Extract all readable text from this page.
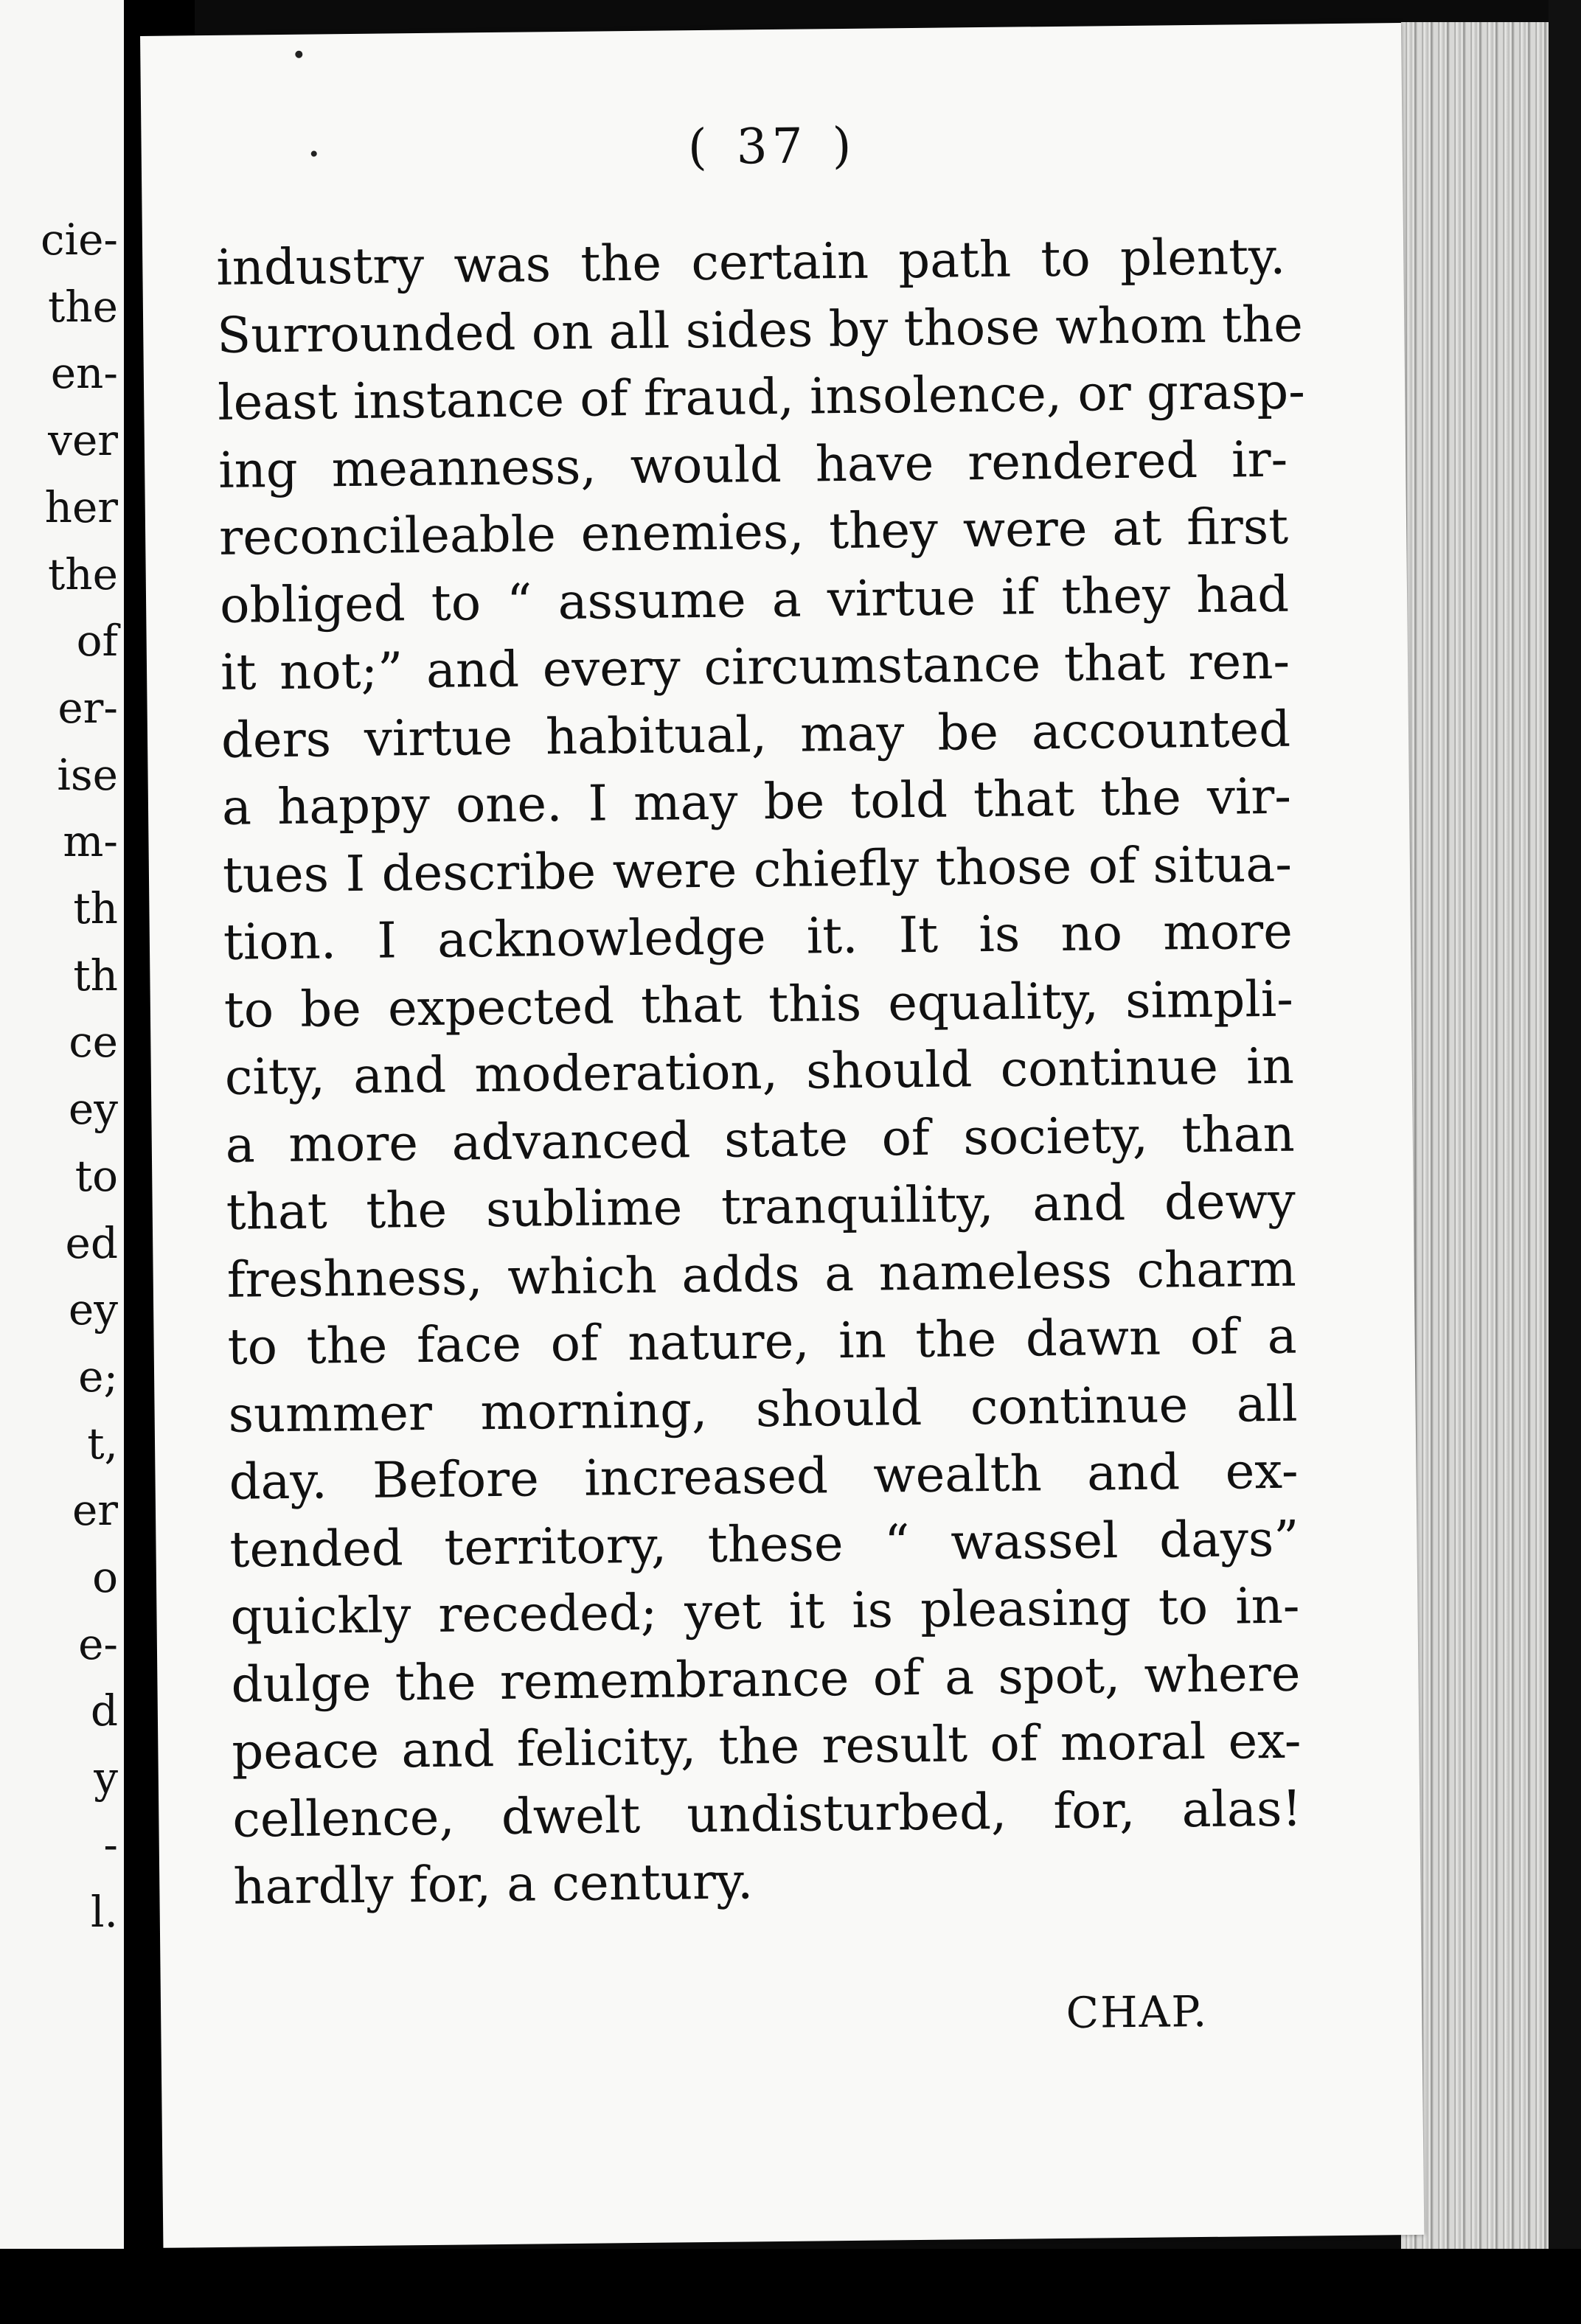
cie-
the
en-
ver
her
the
of
er-
ise
m-
th
th
ce
ey
to
ed
ey
e;
t,
er
o
e-
d
y
-
l.
( 37 )
industry was the certain path to plenty.
Surrounded on all sides by those whom the
least instance of fraud, insolence, or grasp-
ing meanness, would have rendered ir-
reconcileable enemies, they were at first
obliged to “ assume a virtue if they had
it not;” and every circumstance that ren-
ders virtue habitual, may be accounted
a happy one. I may be told that the vir-
tues I describe were chiefly those of situa-
tion. I acknowledge it. It is no more
to be expected that this equality, simpli-
city, and moderation, should continue in
a more advanced state of society, than
that the sublime tranquility, and dewy
freshness, which adds a nameless charm
to the face of nature, in the dawn of a
summer morning, should continue all
day. Before increased wealth and ex-
tended territory, these “ wassel days”
quickly receded; yet it is pleasing to in-
dulge the remembrance of a spot, where
peace and felicity, the result of moral ex-
cellence, dwelt undisturbed, for, alas!
hardly for, a century.
CHAP.
